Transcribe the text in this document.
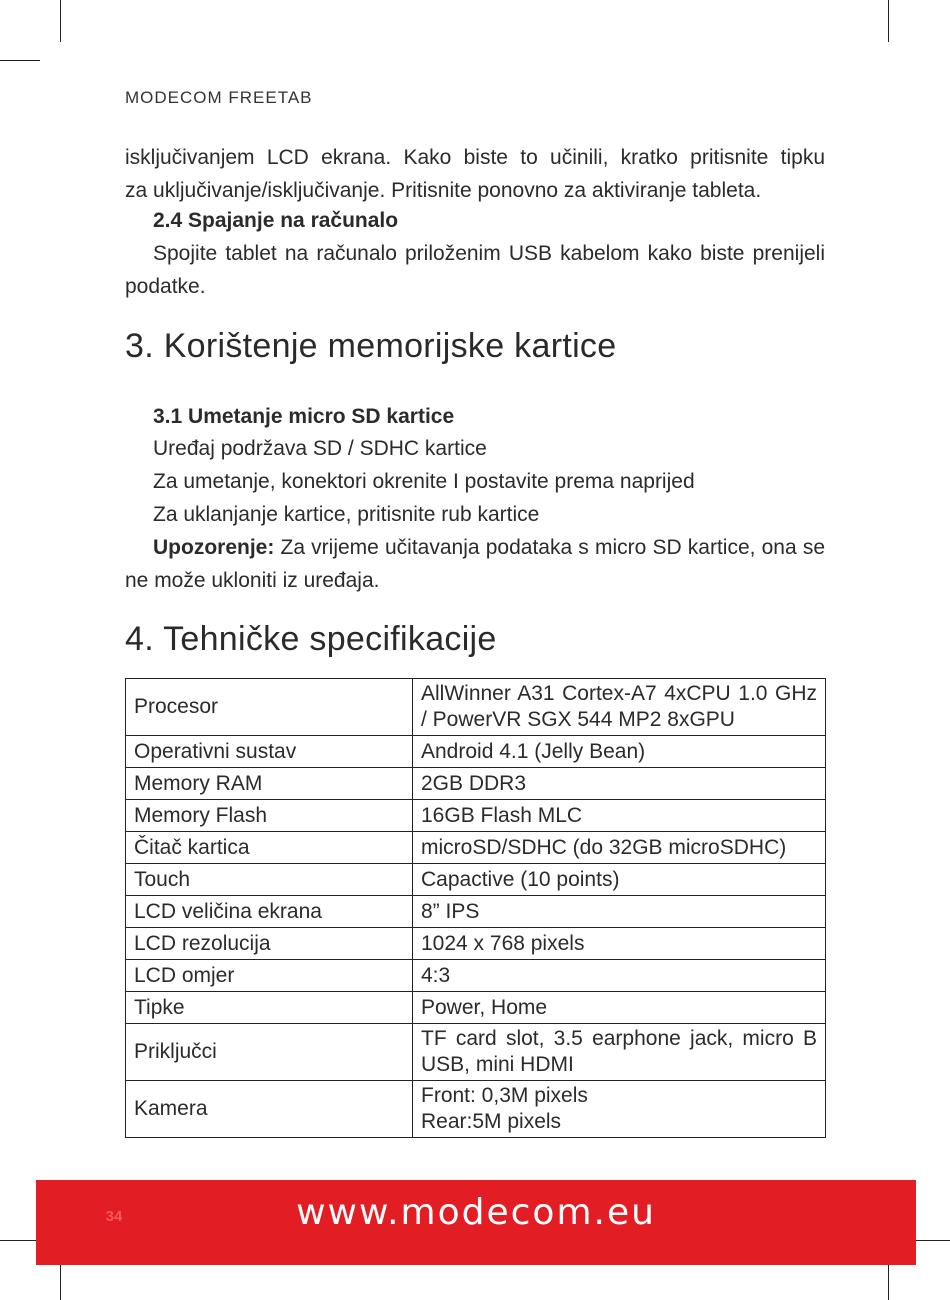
MODECOM FREETAB

isključivanjem LCD ekrana. Kako biste to učinili, kratko pritisnite tipku

za uključivanje/isključivanje. Pritisnite ponovno za aktiviranje tableta.

2.4 Spajanje na računalo

Spojite tablet na računalo priloženim USB kabelom kako biste prenijeli podatke.

3. Korištenje memorijske kartice

3.1 Umetanje micro SD kartice

Uređaj podržava SD / SDHC kartice

Za umetanje, konektori okrenite I postavite prema naprijed

Za uklanjanje kartice, pritisnite rub kartice

Upozorenje: Za vrijeme učitavanja podataka s micro SD kartice, ona se ne može ukloniti iz uređaja.

4. Tehničke specifikacije
Procesor	AllWinner A31 Cortex-A7 4xCPU 1.0 GHz / PowerVR SGX 544 MP2 8xGPU
Operativni sustav	Android 4.1 (Jelly Bean)
Memory RAM	2GB DDR3
Memory Flash	16GB Flash MLC
Čitač kartica	microSD/SDHC (do 32GB microSDHC)
Touch	Capactive (10 points)
LCD veličina ekrana	8” IPS
LCD rezolucija	1024 x 768 pixels
LCD omjer	4:3
Tipke	Power, Home
Priključci	TF card slot, 3.5 earphone jack, micro B USB, mini HDMI
Kamera	Front: 0,3M pixels
Rear:5M pixels
34	www.modecom.eu
